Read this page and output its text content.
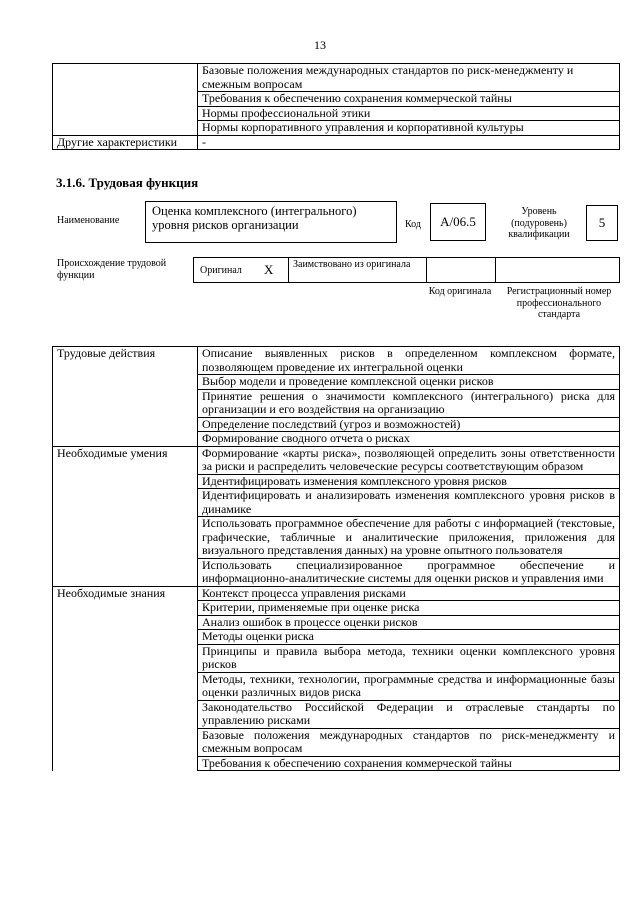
13
	Базовые положения международных стандартов по риск-менеджменту и смежным вопросам
	Требования к обеспечению сохранения коммерческой тайны
	Нормы профессиональной этики
	Нормы корпоративного управления и корпоративной культуры
Другие характеристики	-
3.1.6. Трудовая функция
Наименование
Оценка комплексного (интегрального) уровня рисков организации	Код	A/06.5
Уровень (подуровень) квалификации
5
Происхождение трудовой функции	Оригинал X Заимствовано из оригинала
Код оригинала	Регистрационный номер профессионального стандарта
Трудовые действия	Описание выявленных рисков в определенном комплексном формате, позволяющем проведение их интегральной оценки
	Выбор модели и проведение комплексной оценки рисков
	Принятие решения о значимости комплексного (интегрального) риска для организации и его воздействия на организацию
	Определение последствий (угроз и возможностей)
	Формирование сводного отчета о рисках
Необходимые умения	Формирование «карты риска», позволяющей определить зоны ответственности за риски и распределить человеческие ресурсы соответствующим образом
	Идентифицировать изменения комплексного уровня рисков
	Идентифицировать и анализировать изменения комплексного уровня рисков в динамике
	Использовать программное обеспечение для работы с информацией (текстовые, графические, табличные и аналитические приложения, приложения для визуального представления данных) на уровне опытного пользователя
	Использовать специализированное программное обеспечение и информационно-аналитические системы для оценки рисков и управления ими
Необходимые знания	Контекст процесса управления рисками
	Критерии, применяемые при оценке риска
	Анализ ошибок в процессе оценки рисков
	Методы оценки риска
	Принципы и правила выбора метода, техники оценки комплексного уровня рисков
	Методы, техники, технологии, программные средства и информационные базы оценки различных видов риска
	Законодательство Российской Федерации и отраслевые стандарты по управлению рисками
	Базовые положения международных стандартов по риск-менеджменту и смежным вопросам
	Требования к обеспечению сохранения коммерческой тайны
